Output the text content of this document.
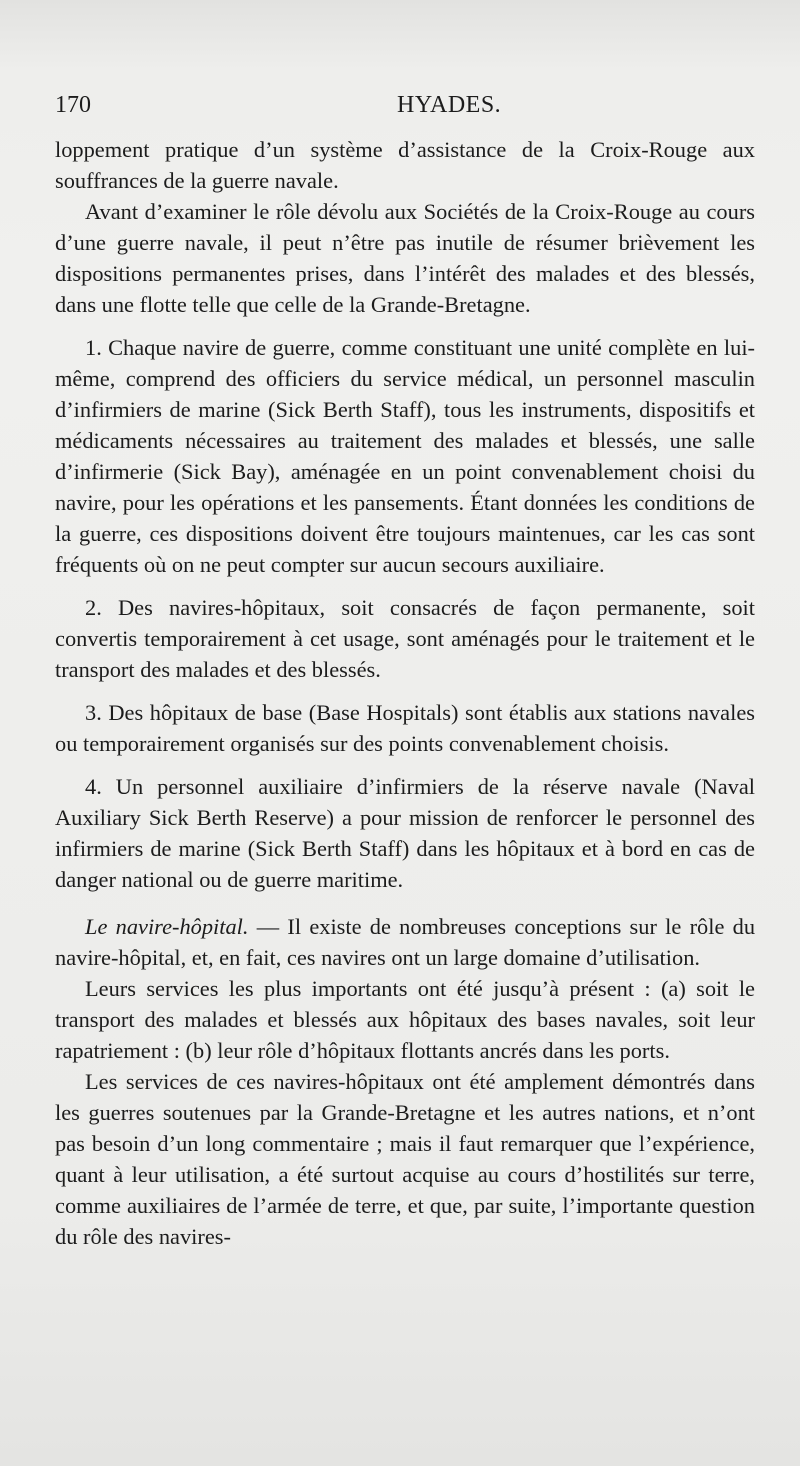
170	HYADES.

loppement pratique d’un système d’assistance de la Croix-Rouge aux souffrances de la guerre navale.

Avant d’examiner le rôle dévolu aux Sociétés de la Croix-Rouge au cours d’une guerre navale, il peut n’être pas inutile de résumer brièvement les dispositions permanentes prises, dans l’intérêt des malades et des blessés, dans une flotte telle que celle de la Grande-Bretagne.

1. Chaque navire de guerre, comme constituant une unité complète en lui-même, comprend des officiers du service médical, un personnel masculin d’infirmiers de marine (Sick Berth Staff), tous les instruments, dispositifs et médicaments nécessaires au traitement des malades et blessés, une salle d’infirmerie (Sick Bay), aménagée en un point convenablement choisi du navire, pour les opérations et les pansements. Étant données les conditions de la guerre, ces dispositions doivent être toujours maintenues, car les cas sont fréquents où on ne peut compter sur aucun secours auxiliaire.

2. Des navires-hôpitaux, soit consacrés de façon permanente, soit convertis temporairement à cet usage, sont aménagés pour le traitement et le transport des malades et des blessés.

3. Des hôpitaux de base (Base Hospitals) sont établis aux stations navales ou temporairement organisés sur des points convenablement choisis.

4. Un personnel auxiliaire d’infirmiers de la réserve navale (Naval Auxiliary Sick Berth Reserve) a pour mission de renforcer le personnel des infirmiers de marine (Sick Berth Staff) dans les hôpitaux et à bord en cas de danger national ou de guerre maritime.

Le navire-hôpital. — Il existe de nombreuses conceptions sur le rôle du navire-hôpital, et, en fait, ces navires ont un large domaine d’utilisation.

Leurs services les plus importants ont été jusqu’à présent : (a) soit le transport des malades et blessés aux hôpitaux des bases navales, soit leur rapatriement : (b) leur rôle d’hôpitaux flottants ancrés dans les ports.

Les services de ces navires-hôpitaux ont été amplement démontrés dans les guerres soutenues par la Grande-Bretagne et les autres nations, et n’ont pas besoin d’un long commentaire ; mais il faut remarquer que l’expérience, quant à leur utilisation, a été surtout acquise au cours d’hostilités sur terre, comme auxiliaires de l’armée de terre, et que, par suite, l’importante question du rôle des navires-
